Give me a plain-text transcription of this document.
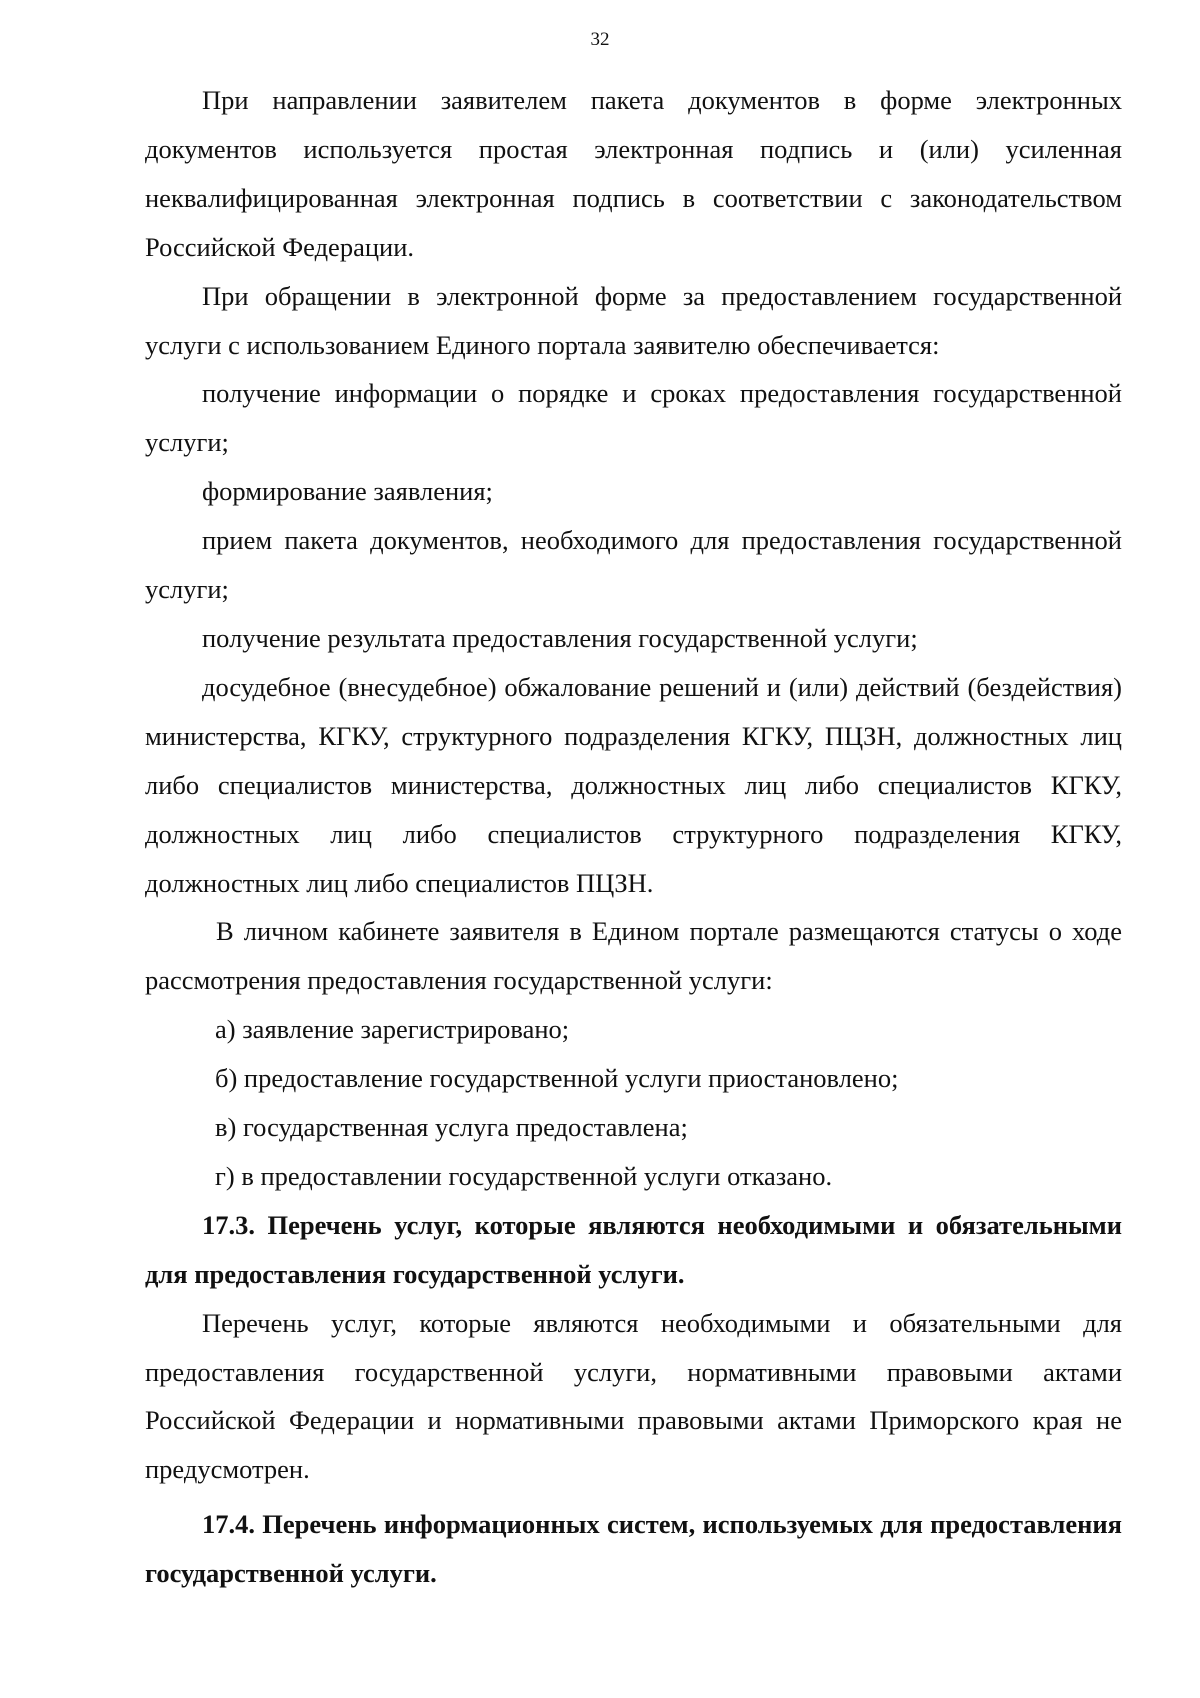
32

При направлении заявителем пакета документов в форме электронных документов используется простая электронная подпись и (или) усиленная неквалифицированная электронная подпись в соответствии с законодательством Российской Федерации.

При обращении в электронной форме за предоставлением государственной услуги с использованием Единого портала заявителю обеспечивается:

получение информации о порядке и сроках предоставления государственной услуги;

формирование заявления;

прием пакета документов, необходимого для предоставления государственной услуги;

получение результата предоставления государственной услуги;

досудебное (внесудебное) обжалование решений и (или) действий (бездействия) министерства, КГКУ, структурного подразделения КГКУ, ПЦЗН, должностных лиц либо специалистов министерства, должностных лиц либо специалистов КГКУ, должностных лиц либо специалистов структурного подразделения КГКУ, должностных лиц либо специалистов ПЦЗН.

В личном кабинете заявителя в Едином портале размещаются статусы о ходе рассмотрения предоставления государственной услуги:

а) заявление зарегистрировано;

б) предоставление государственной услуги приостановлено;

в) государственная услуга предоставлена;

г) в предоставлении государственной услуги отказано.

17.3. Перечень услуг, которые являются необходимыми и обязательными для предоставления государственной услуги.

Перечень услуг, которые являются необходимыми и обязательными для предоставления государственной услуги, нормативными правовыми актами Российской Федерации и нормативными правовыми актами Приморского края не предусмотрен.

17.4. Перечень информационных систем, используемых для предоставления государственной услуги.
